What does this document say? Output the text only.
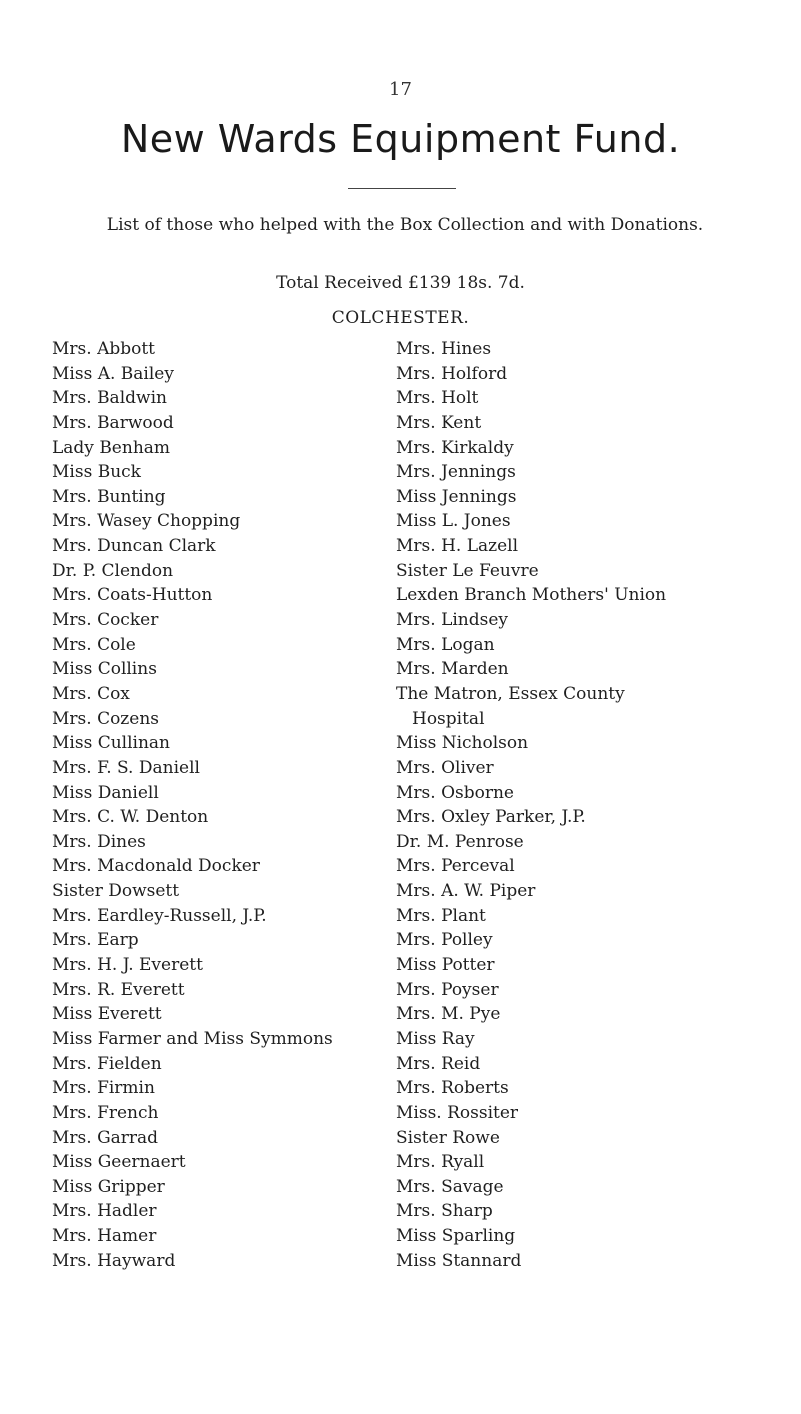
17
New Wards Equipment Fund.
List of those who helped with the Box Collection and with Donations.
Total Received £139 18s. 7d.
COLCHESTER.
Mrs. Abbott
Miss A. Bailey
Mrs. Baldwin
Mrs. Barwood
Lady Benham
Miss Buck
Mrs. Bunting
Mrs. Wasey Chopping
Mrs. Duncan Clark
Dr. P. Clendon
Mrs. Coats-Hutton
Mrs. Cocker
Mrs. Cole
Miss Collins
Mrs. Cox
Mrs. Cozens
Miss Cullinan
Mrs. F. S. Daniell
Miss Daniell
Mrs. C. W. Denton
Mrs. Dines
Mrs. Macdonald Docker
Sister Dowsett
Mrs. Eardley-Russell, J.P.
Mrs. Earp
Mrs. H. J. Everett
Mrs. R. Everett
Miss Everett
Miss Farmer and Miss Symmons
Mrs. Fielden
Mrs. Firmin
Mrs. French
Mrs. Garrad
Miss Geernaert
Miss Gripper
Mrs. Hadler
Mrs. Hamer
Mrs. Hayward
Mrs. Hines
Mrs. Holford
Mrs. Holt
Mrs. Kent
Mrs. Kirkaldy
Mrs. Jennings
Miss Jennings
Miss L. Jones
Mrs. H. Lazell
Sister Le Feuvre
Lexden Branch Mothers' Union
Mrs. Lindsey
Mrs. Logan
Mrs. Marden
The Matron, Essex County
Hospital
Miss Nicholson
Mrs. Oliver
Mrs. Osborne
Mrs. Oxley Parker, J.P.
Dr. M. Penrose
Mrs. Perceval
Mrs. A. W. Piper
Mrs. Plant
Mrs. Polley
Miss Potter
Mrs. Poyser
Mrs. M. Pye
Miss Ray
Mrs. Reid
Mrs. Roberts
Miss. Rossiter
Sister Rowe
Mrs. Ryall
Mrs. Savage
Mrs. Sharp
Miss Sparling
Miss Stannard
